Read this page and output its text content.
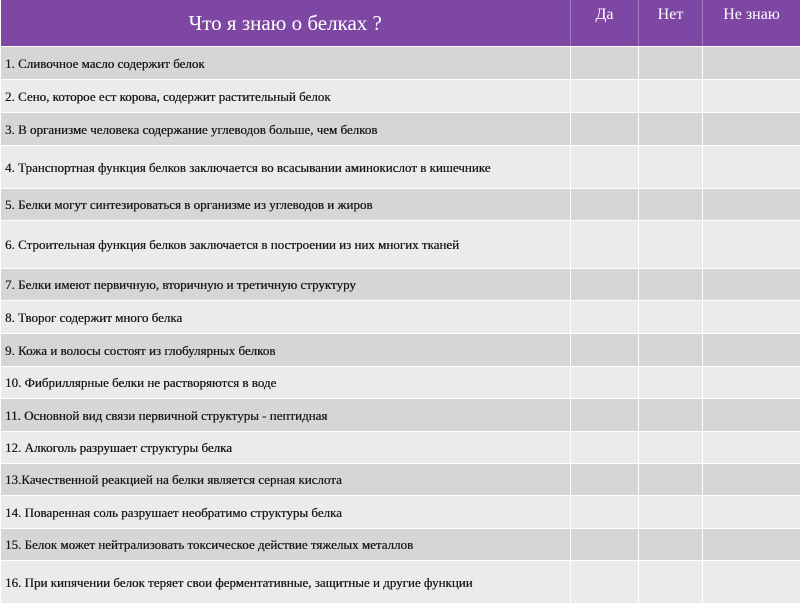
Что я знаю о белках ?	Да	Нет	Не знаю
1. Сливочное масло содержит белок			
2. Сено, которое ест корова, содержит растительный белок			
3. В организме человека содержание углеводов больше, чем белков			
4. Транспортная функция белков заключается во всасывании аминокислот в кишечнике			
5. Белки могут синтезироваться в организме из углеводов и жиров			
6. Строительная функция белков заключается в построении из них многих тканей			
7. Белки имеют первичную, вторичную и третичную структуру			
8. Творог содержит много белка			
9. Кожа и волосы состоят из глобулярных белков			
10. Фибриллярные белки не растворяются в воде			
11. Основной вид связи первичной структуры - пептидная			
12. Алкоголь разрушает структуры белка			
13.Качественной реакцией на белки является серная кислота			
14. Поваренная соль разрушает необратимо структуры белка			
15. Белок может нейтрализовать токсическое действие тяжелых металлов			
16. При кипячении белок теряет свои ферментативные, защитные и другие функции			
